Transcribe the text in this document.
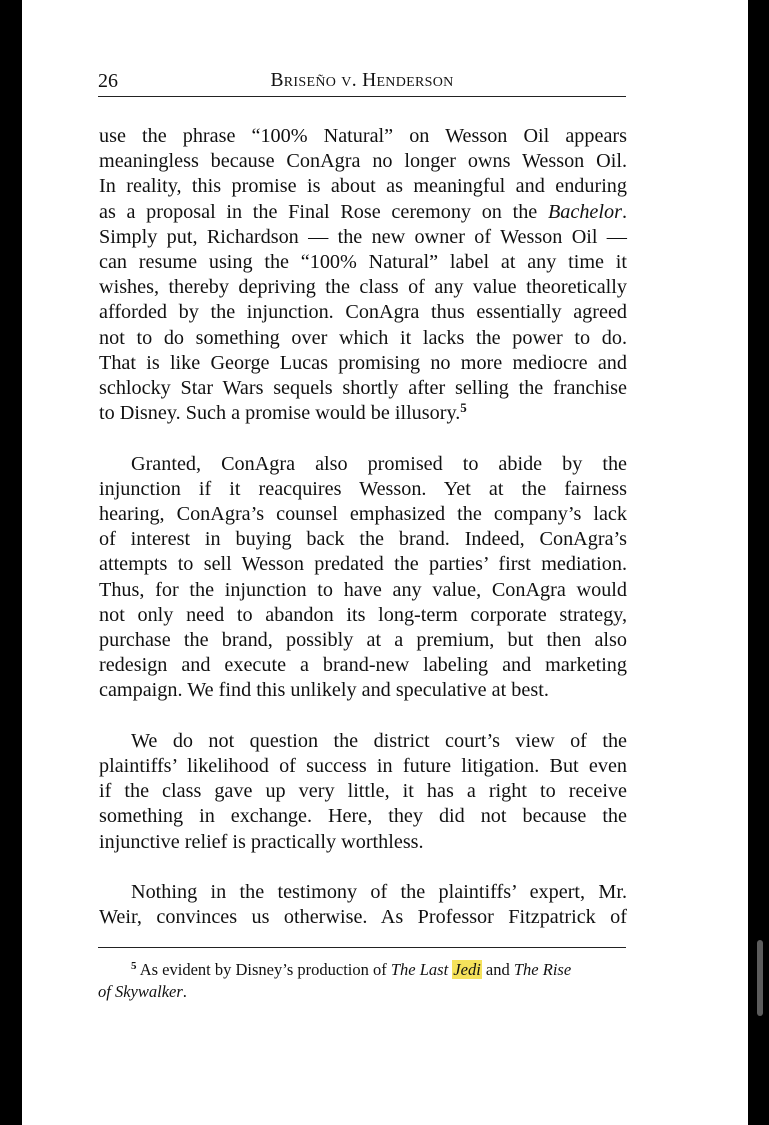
26	Briseño v. Henderson
use the phrase “100% Natural” on Wesson Oil appears
meaningless because ConAgra no longer owns Wesson Oil.
In reality, this promise is about as meaningful and enduring
as a proposal in the Final Rose ceremony on the Bachelor.
Simply put, Richardson — the new owner of Wesson Oil —
can resume using the “100% Natural” label at any time it
wishes, thereby depriving the class of any value theoretically
afforded by the injunction. ConAgra thus essentially agreed
not to do something over which it lacks the power to do.
That is like George Lucas promising no more mediocre and
schlocky Star Wars sequels shortly after selling the franchise
to Disney. Such a promise would be illusory.$^5$
Granted, ConAgra also promised to abide by the
injunction if it reacquires Wesson. Yet at the fairness
hearing, ConAgra’s counsel emphasized the company’s lack
of interest in buying back the brand. Indeed, ConAgra’s
attempts to sell Wesson predated the parties’ first mediation.
Thus, for the injunction to have any value, ConAgra would
not only need to abandon its long-term corporate strategy,
purchase the brand, possibly at a premium, but then also
redesign and execute a brand-new labeling and marketing
campaign. We find this unlikely and speculative at best.
We do not question the district court’s view of the
plaintiffs’ likelihood of success in future litigation. But even
if the class gave up very little, it has a right to receive
something in exchange. Here, they did not because the
injunctive relief is practically worthless.
Nothing in the testimony of the plaintiffs’ expert, Mr.
Weir, convinces us otherwise. As Professor Fitzpatrick of
$^5$ As evident by Disney’s production of The Last Jedi and The Rise
of Skywalker.
